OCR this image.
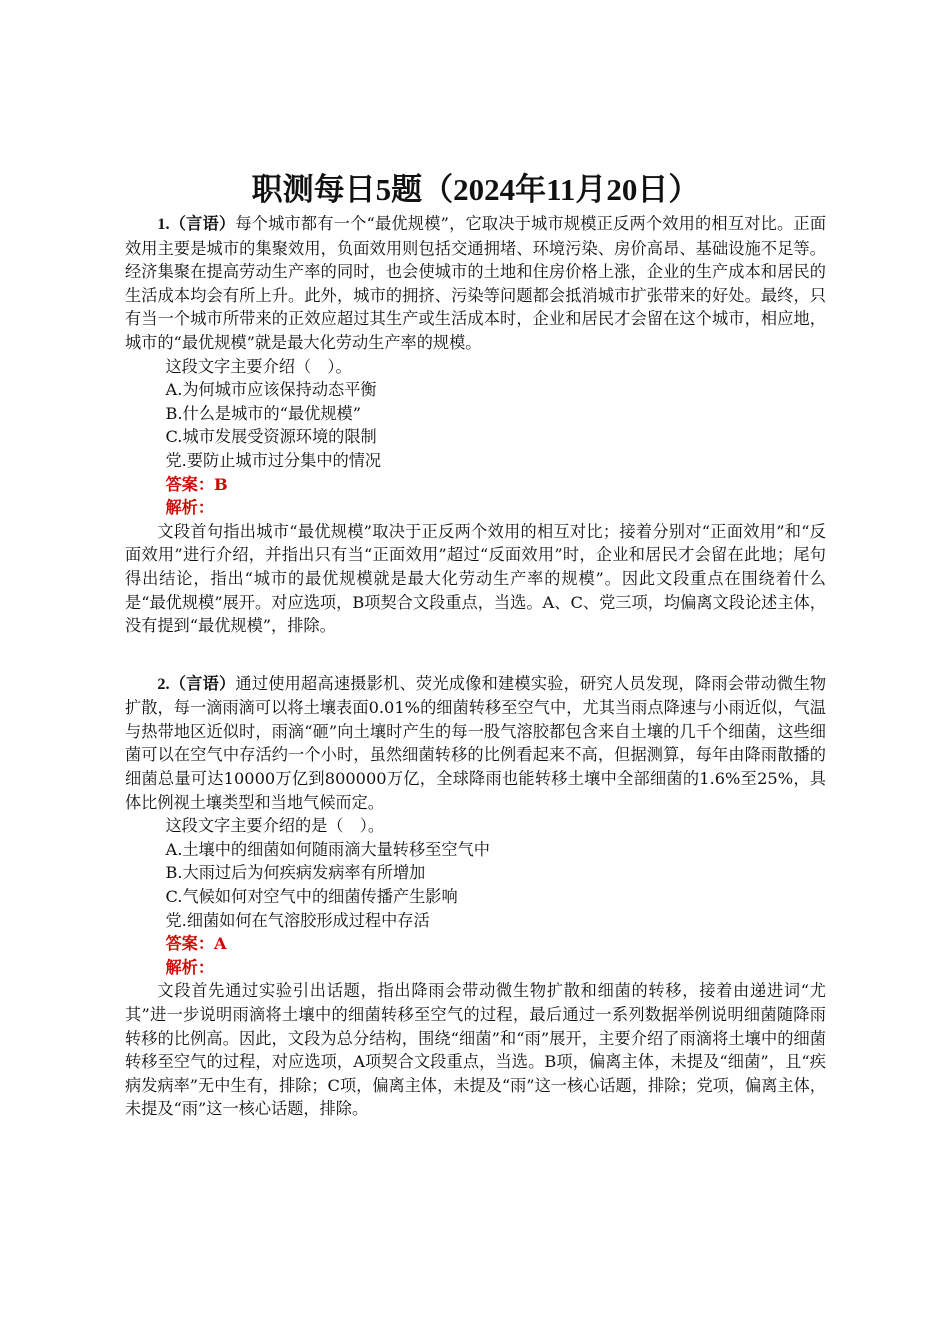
职测每日5题（2024年11月20日）

1.（言语）每个城市都有一个“最优规模”，它取决于城市规模正反两个效用的相互对比。正面效用主要是城市的集聚效用，负面效用则包括交通拥堵、环境污染、房价高昂、基础设施不足等。经济集聚在提高劳动生产率的同时，也会使城市的土地和住房价格上涨，企业的生产成本和居民的生活成本均会有所上升。此外，城市的拥挤、污染等问题都会抵消城市扩张带来的好处。最终，只有当一个城市所带来的正效应超过其生产或生活成本时，企业和居民才会留在这个城市，相应地，城市的“最优规模”就是最大化劳动生产率的规模。

这段文字主要介绍（　）。

A.为何城市应该保持动态平衡

B.什么是城市的“最优规模”

C.城市发展受资源环境的限制

党.要防止城市过分集中的情况

答案：B

解析：

文段首句指出城市“最优规模”取决于正反两个效用的相互对比；接着分别对“正面效用”和“反面效用”进行介绍，并指出只有当“正面效用”超过“反面效用”时，企业和居民才会留在此地；尾句得出结论，指出“城市的最优规模就是最大化劳动生产率的规模”。因此文段重点在围绕着什么是“最优规模”展开。对应选项，B项契合文段重点，当选。A、C、党三项，均偏离文段论述主体，没有提到“最优规模”，排除。

2.（言语）通过使用超高速摄影机、荧光成像和建模实验，研究人员发现，降雨会带动微生物扩散，每一滴雨滴可以将土壤表面0.01%的细菌转移至空气中，尤其当雨点降速与小雨近似，气温与热带地区近似时，雨滴“砸”向土壤时产生的每一股气溶胶都包含来自土壤的几千个细菌，这些细菌可以在空气中存活约一个小时，虽然细菌转移的比例看起来不高，但据测算，每年由降雨散播的细菌总量可达10000万亿到800000万亿，全球降雨也能转移土壤中全部细菌的1.6%至25%，具体比例视土壤类型和当地气候而定。

这段文字主要介绍的是（　）。

A.土壤中的细菌如何随雨滴大量转移至空气中

B.大雨过后为何疾病发病率有所增加

C.气候如何对空气中的细菌传播产生影响

党.细菌如何在气溶胶形成过程中存活

答案：A

解析：

文段首先通过实验引出话题，指出降雨会带动微生物扩散和细菌的转移，接着由递进词“尤其”进一步说明雨滴将土壤中的细菌转移至空气的过程，最后通过一系列数据举例说明细菌随降雨转移的比例高。因此，文段为总分结构，围绕“细菌”和“雨”展开，主要介绍了雨滴将土壤中的细菌转移至空气的过程，对应选项，A项契合文段重点，当选。B项，偏离主体，未提及“细菌”，且“疾病发病率”无中生有，排除；C项，偏离主体，未提及“雨”这一核心话题，排除；党项，偏离主体，未提及“雨”这一核心话题，排除。
